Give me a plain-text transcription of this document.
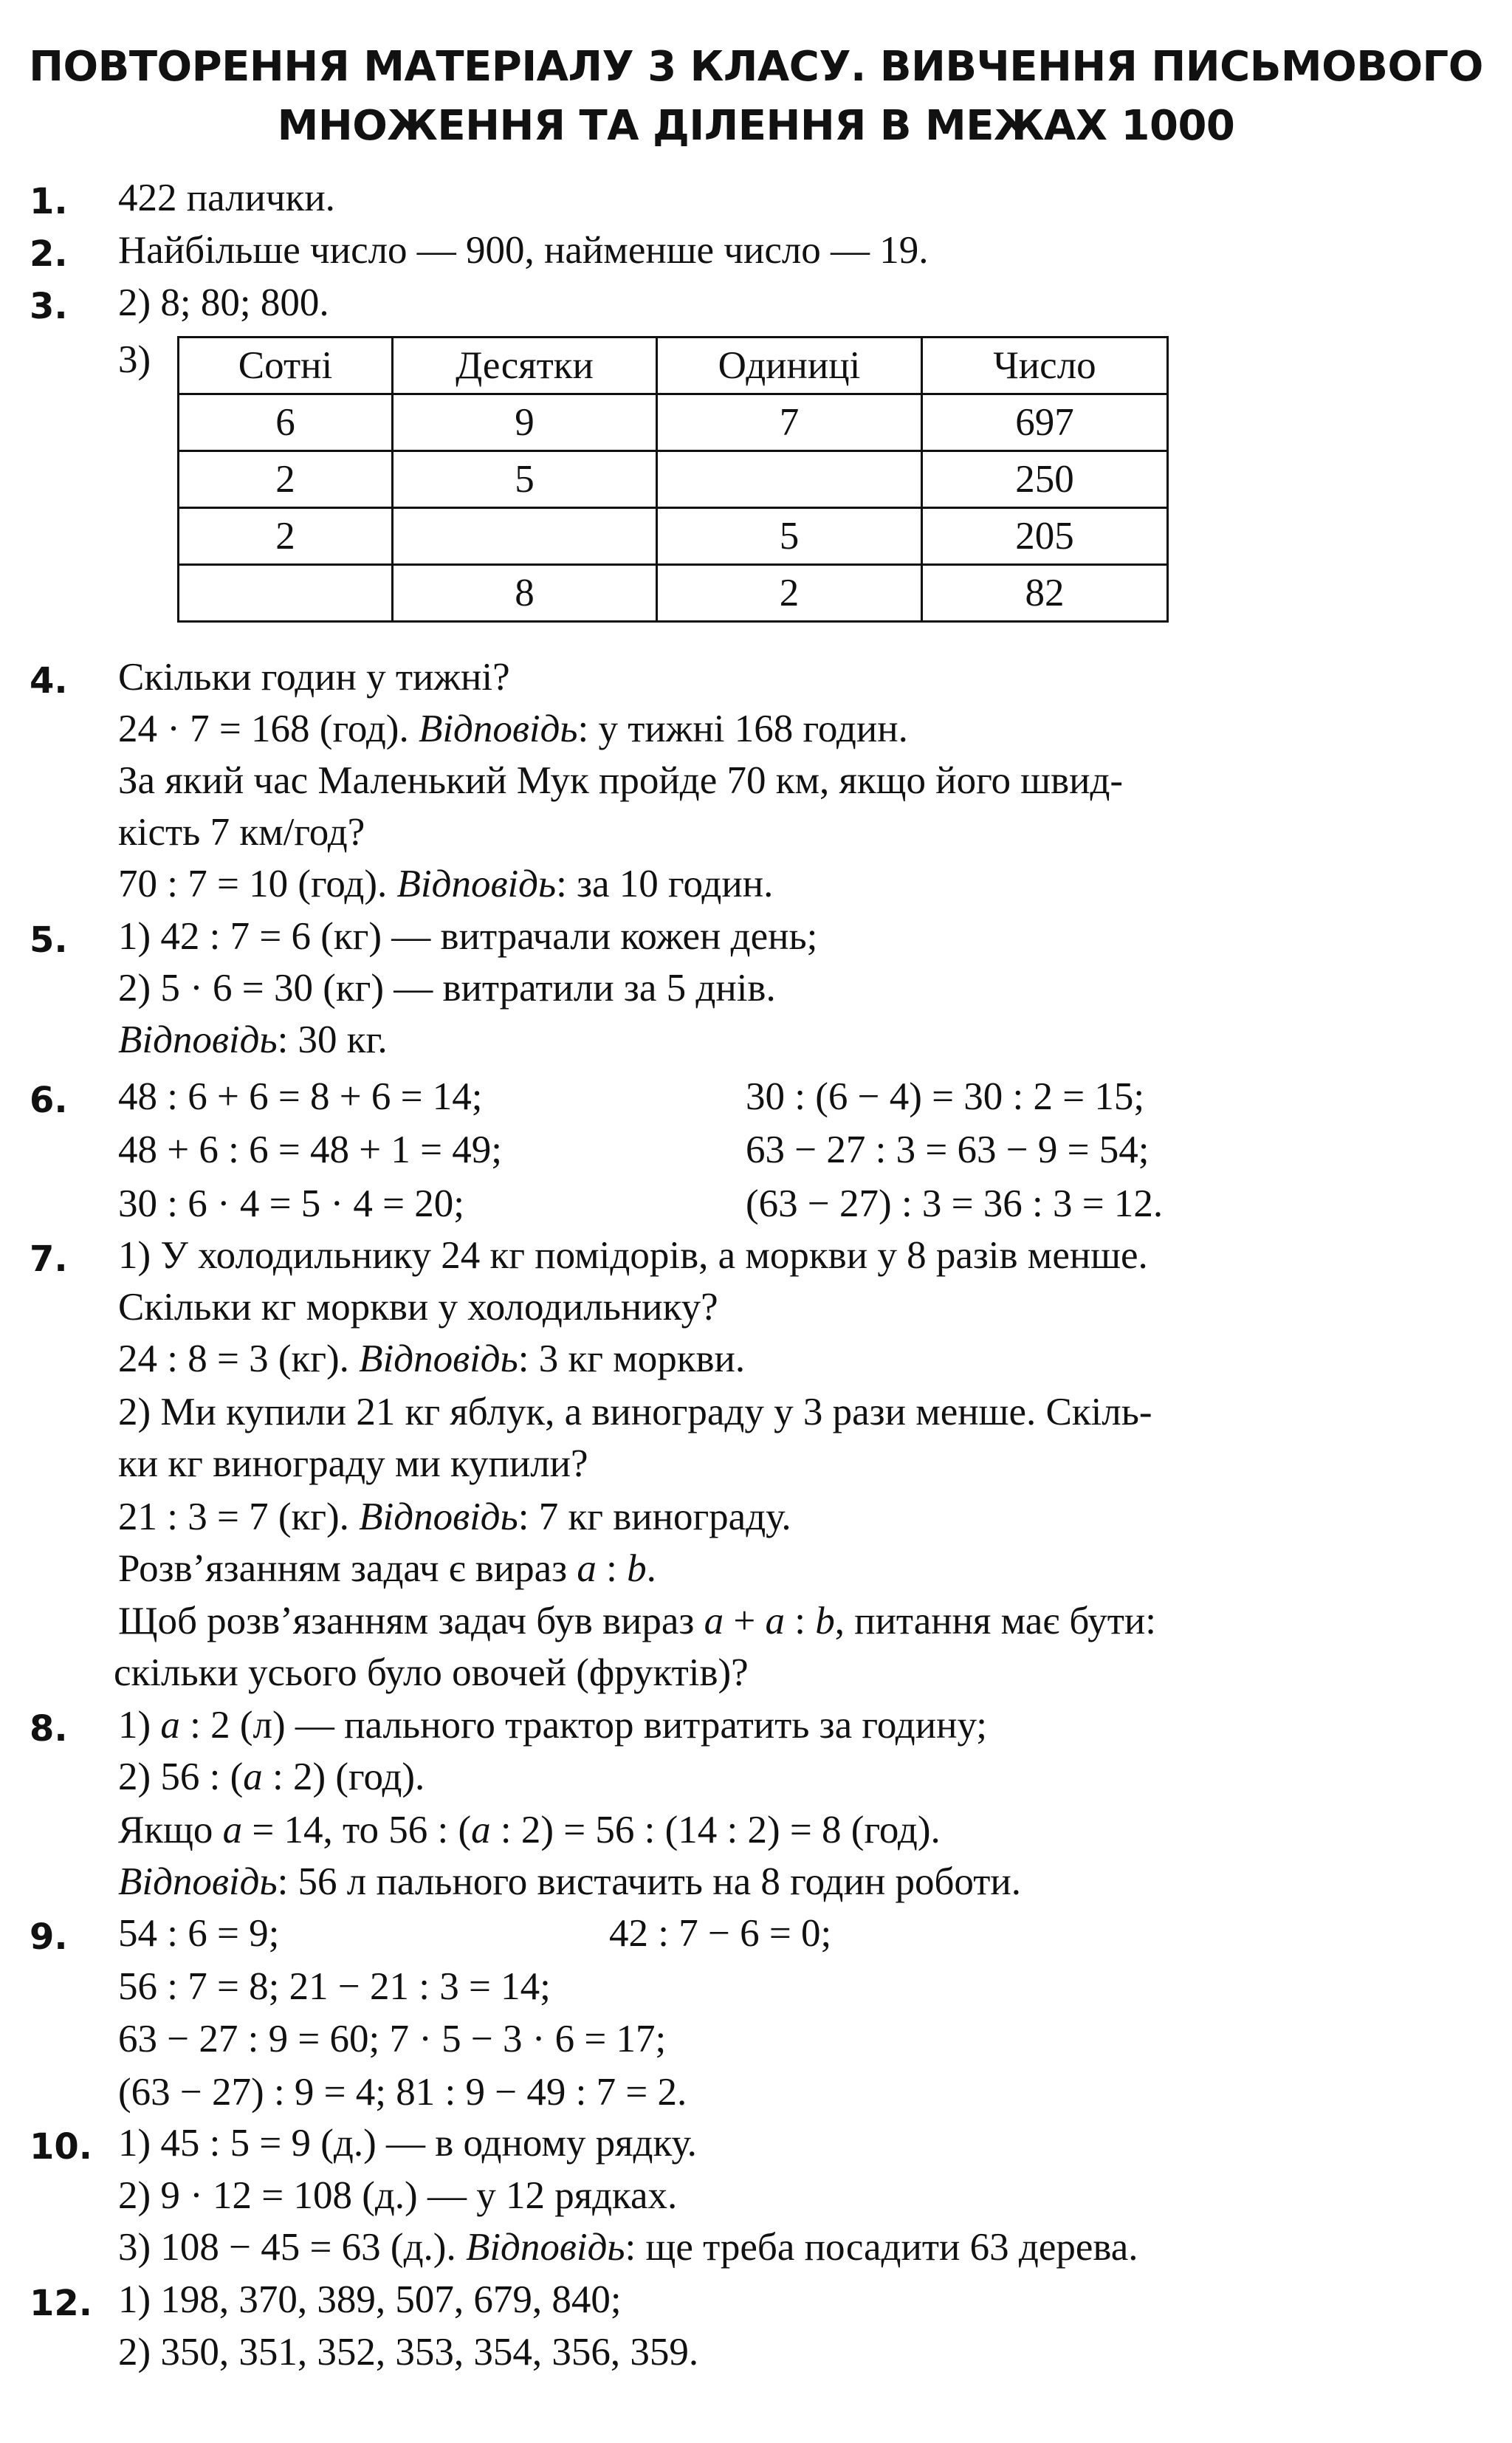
ПОВТОРЕННЯ МАТЕРІАЛУ 3 КЛАСУ. ВИВЧЕННЯ ПИСЬМОВОГО
МНОЖЕННЯ ТА ДІЛЕННЯ В МЕЖАХ 1000
1. 422 палички.
2. Найбільше число — 900, найменше число — 19.
3. 2) 8; 80; 800.
3) Сотні	Десятки	Одиниці	Число
6	9	7	697
2	5		250
2		5	205
	8	2	82
4. Скільки годин у тижні?
24 · 7 = 168 (год). Відповідь: у тижні 168 годин.
За який час Маленький Мук пройде 70 км, якщо його швид-
кість 7 км/год?
70 : 7 = 10 (год). Відповідь: за 10 годин.
5. 1) 42 : 7 = 6 (кг) — витрачали кожен день;
2) 5 · 6 = 30 (кг) — витратили за 5 днів.
Відповідь: 30 кг.
6. 48 : 6 + 6 = 8 + 6 = 14;	30 : (6 − 4) = 30 : 2 = 15;
48 + 6 : 6 = 48 + 1 = 49;	63 − 27 : 3 = 63 − 9 = 54;
30 : 6 · 4 = 5 · 4 = 20;	(63 − 27) : 3 = 36 : 3 = 12.
7. 1) У холодильнику 24 кг помідорів, а моркви у 8 разів менше.
Скільки кг моркви у холодильнику?
24 : 8 = 3 (кг). Відповідь: 3 кг моркви.
2) Ми купили 21 кг яблук, а винограду у 3 рази менше. Скіль-
ки кг винограду ми купили?
21 : 3 = 7 (кг). Відповідь: 7 кг винограду.
Розв’язанням задач є вираз a : b.
Щоб розв’язанням задач був вираз a + a : b, питання має бути:
скільки усього було овочей (фруктів)?
8. 1) a : 2 (л) — пального трактор витратить за годину;
2) 56 : (a : 2) (год).
Якщо a = 14, то 56 : (a : 2) = 56 : (14 : 2) = 8 (год).
Відповідь: 56 л пального вистачить на 8 годин роботи.
9. 54 : 6 = 9;	42 : 7 − 6 = 0;
56 : 7 = 8; 21 − 21 : 3 = 14;
63 − 27 : 9 = 60; 7 · 5 − 3 · 6 = 17;
(63 − 27) : 9 = 4; 81 : 9 − 49 : 7 = 2.
10. 1) 45 : 5 = 9 (д.) — в одному рядку.
2) 9 · 12 = 108 (д.) — у 12 рядках.
3) 108 − 45 = 63 (д.). Відповідь: ще треба посадити 63 дерева.
12. 1) 198, 370, 389, 507, 679, 840;
2) 350, 351, 352, 353, 354, 356, 359.
